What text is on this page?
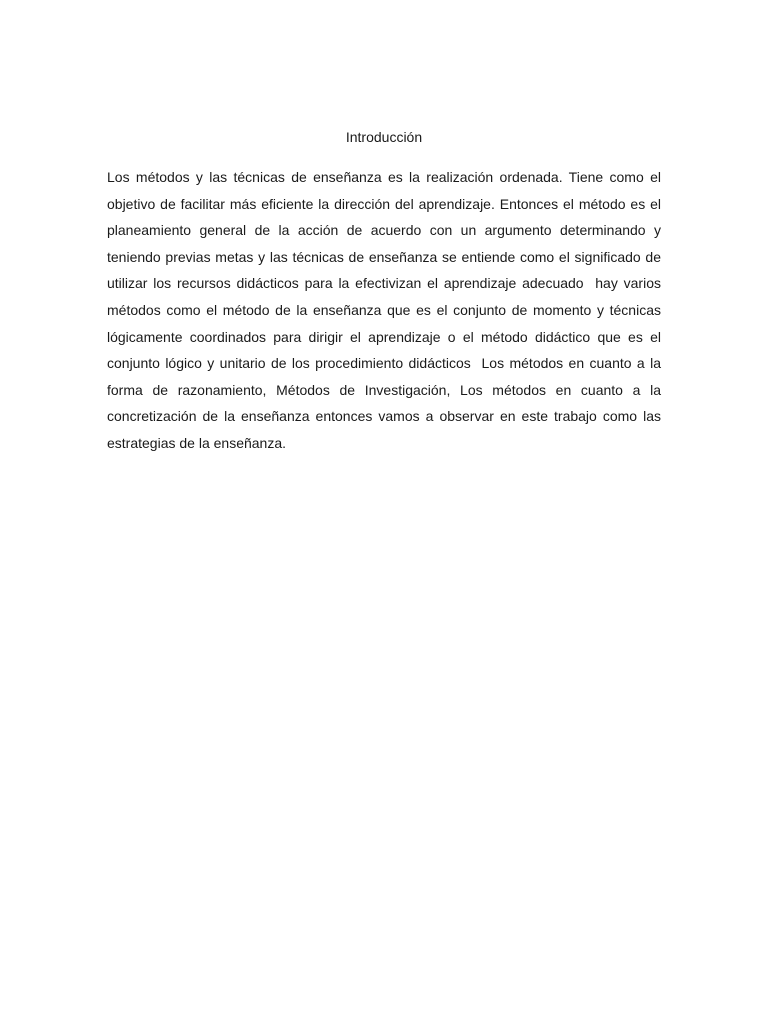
Introducción

Los métodos y las técnicas de enseñanza es la realización ordenada. Tiene como el objetivo de facilitar más eficiente la dirección del aprendizaje. Entonces el método es el planeamiento general de la acción de acuerdo con un argumento determinando y teniendo previas metas y las técnicas de enseñanza se entiende como el significado de utilizar los recursos didácticos para la efectivizan el aprendizaje adecuado  hay varios métodos como el método de la enseñanza que es el conjunto de momento y técnicas lógicamente coordinados para dirigir el aprendizaje o el método didáctico que es el conjunto lógico y unitario de los procedimiento didácticos  Los métodos en cuanto a la forma de razonamiento, Métodos de Investigación, Los métodos en cuanto a la concretización de la enseñanza entonces vamos a observar en este trabajo como las estrategias de la enseñanza.
